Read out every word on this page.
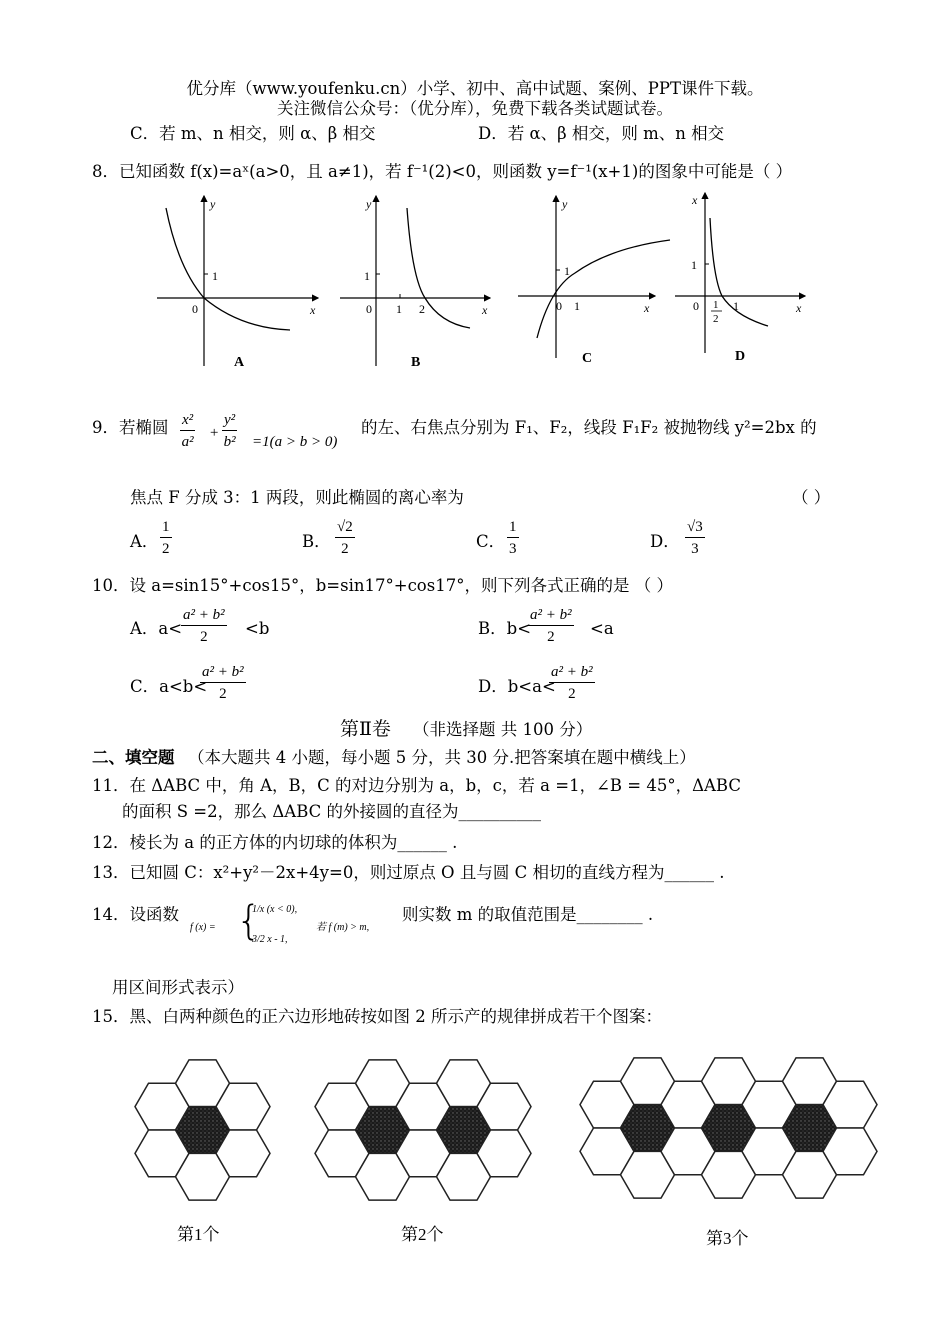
优分库（www.youfenku.cn）小学、初中、高中试题、案例、PPT课件下载。
关注微信公众号：（优分库），免费下载各类试题试卷。
C．若 m、n 相交，则 α、β 相交	D．若 α、β 相交，则 m、n 相交
8．已知函数 f(x)=aˣ(a>0，且 a≠1)，若 f⁻¹(2)<0，则函数 y=f⁻¹(x+1)的图象中可能是（ ）
1
0	x
y
A
1
0 1 2	x
y
B
1
0 1	x
y
C
1
0 1
2
1	x
x
D
9．若椭圆 $\frac{\text{x²}}{\text{a²}} + \frac{\text{y²}}{\text{b²}} =1(a > b > 0)$
的左、右焦点分别为 F₁、F₂，线段 F₁F₂ 被抛物线 y²=2bx 的
焦点 F 分成 3：1 两段，则此椭圆的离心率为	（ ）
A． $\frac{1}{2}$	B． $\frac{√2}{2}$	C． $\frac{1}{3}$	D． $\frac{√3}{3}$
10．设 a=sin15°+cos15°，b=sin17°+cos17°，则下列各式正确的是 （ ）
A．a<
$\frac{\text{a² + b²}}{2} <b$	B．b<
$\frac{\text{a² + b²}}{2} <a$
C．a<b<
$\frac{\text{a² + b²}}{2}$	D．b<a<
$\frac{\text{a² + b²}}{2}$
第Ⅱ卷 （非选择题 共 100 分）
二、填空题 （本大题共 4 小题，每小题 5 分，共 30 分.把答案填在题中横线上）
11．在 ΔABC 中，角 A，B，C 的对边分别为 a，b，c，若 a =1，∠B = 45°，ΔABC
的面积 S =2，那么 ΔABC 的外接圆的直径为__________
12．棱长为 a 的正方体的内切球的体积为______ .
13．已知圆 C：x²+y²－2x+4y=0，则过原点 O 且与圆 C 相切的直线方程为______ .
14．设函数
f (x) = {
1/x (x < 0),
3/2 x - 1,
若 f (m) > m,
则实数 m 的取值范围是________ .
用区间形式表示）
15．黑、白两种颜色的正六边形地砖按如图 2 所示产的规律拼成若干个图案：
第1个	第2个	第3个
